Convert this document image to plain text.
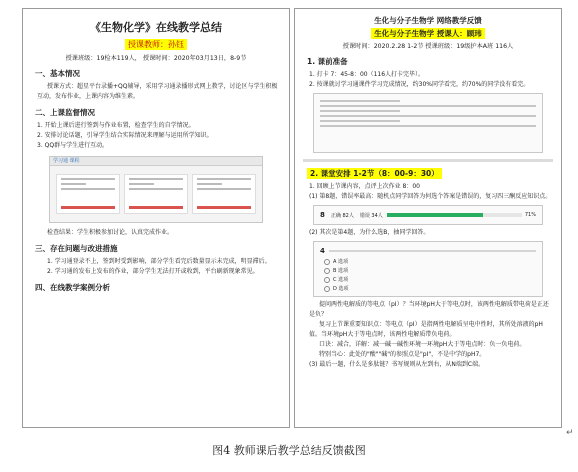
《生物化学》在线教学总结
授课教师：孙钰
授课班级：19检本119人， 授课时间：2020年03月13日，8-9节
一、基本情况
授课方式：超星平台录播+QQ辅导，采用学习通录播形式网上教学，讨论区与学生积极互动，发布作业，上课内容为维生素。
二、上课监督情况
1. 开始上课后进行签到与作业布置，检查学生的自学情况。
2. 安排讨论话题，引导学生结合实际情况来理解与运用所学知识。
3. QQ群与学生进行互动。
学习通 课程
检查结果：学生积极参加讨论，认真完成作业。
三、存在问题与改进措施
1. 学习通登录不上，签到时受到影响，部分学生看完后数量显示未完成，明显滞后。
2. 学习通的发布上发布的作业，部分学生无法打开或收到，平台刷新现象常见。
四、在线教学案例分析
生化与分子生物学 网络教学反馈
生化与分子生物学 授课人：顾玮
授课时间：2020.2.28 1-2节 授课班级：19级护本A班 116人
1. 课前准备
1. 打卡 7：45-8：00（116人打卡完毕）。
2. 按课就讨学习通课件学习完成情况，约30%同学看完，约70%的同学没有看完。
2. 课堂安排 1-2节（8：00-9：30）
1. 回顾上节课内容，点评上次作业 8：00
(1) 第8题，错误率最高：随机点同学回答为何选个答案是错误的，复习四三酮反应知识点。
8 正确 82人 错误 34人	71%
(2) 其次是第4题，为什么选B，抽同学回答。
4
A 选项
B 选项
C 选项
D 选项
提问两性电解质的等电点（pI）？当环境pH大于等电点时，该两性电解质带电荷是正还是负？
复习上节课重要知识点：等电点（pI）是指两性电解质呈电中性时，其所处溶液的pH值。当环境pH大于等电点时，该两性电解质带负电荷。
口诀：减合，详解：减一碱一碱性环境一环境pH大于等电点时：负一负电荷。
特别当心：此处的"酸""碱"的参照点是"pI"，不是中学的pH7。
(3) 最后一题，什么是多肽链？书写规则从左到右，从N端到C端。
图4 教师课后教学总结反馈截图
↵
